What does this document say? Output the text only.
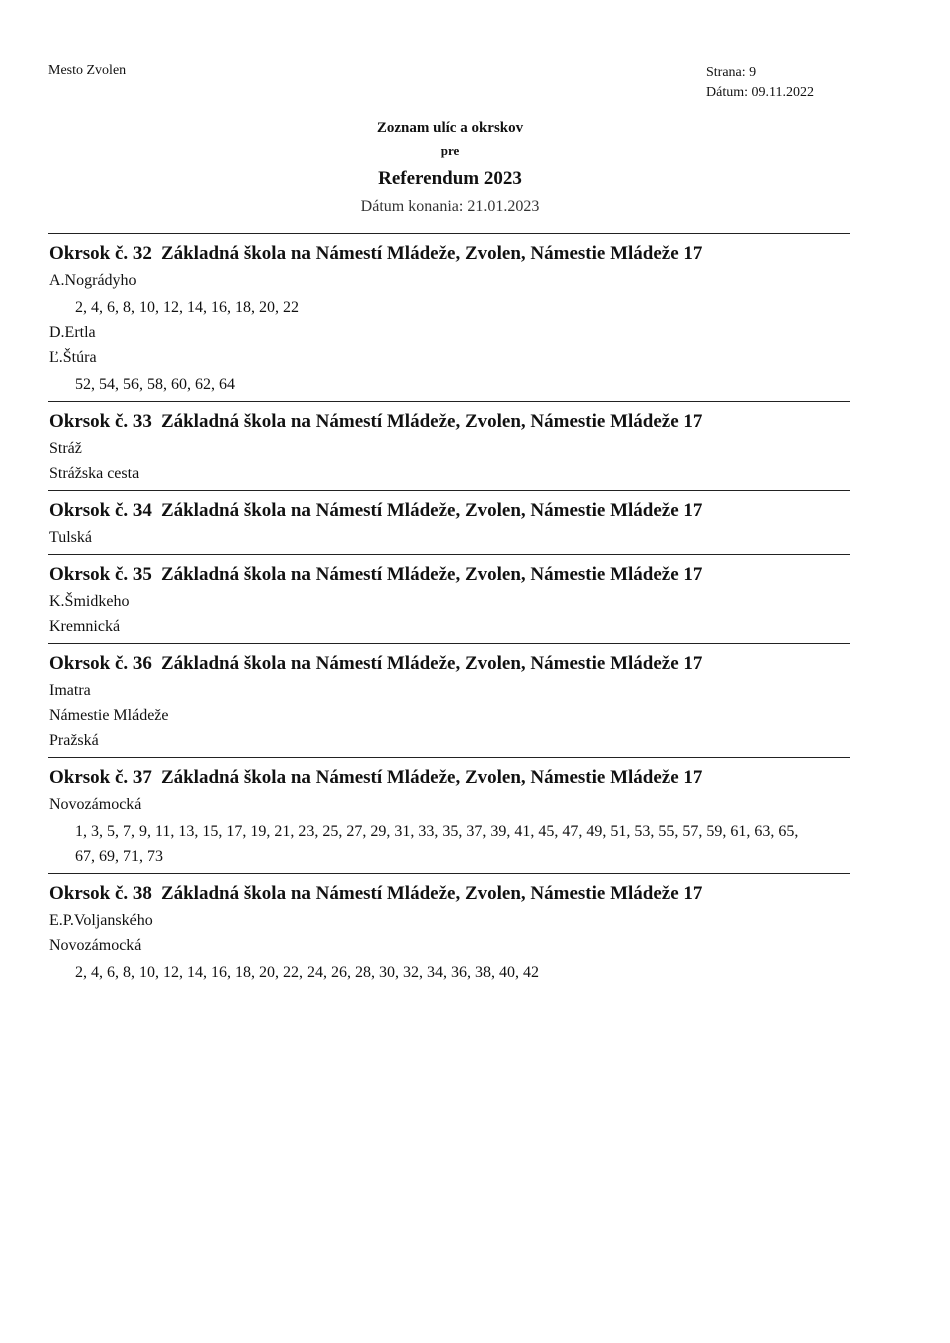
Mesto Zvolen	Strana: 9
Dátum: 09.11.2022
Zoznam ulíc a okrskov
pre
Referendum 2023
Dátum konania: 21.01.2023
Okrsok č. 32 Základná škola na Námestí Mládeže, Zvolen, Námestie Mládeže 17
A.Nográdyho
2, 4, 6, 8, 10, 12, 14, 16, 18, 20, 22
D.Ertla
Ľ.Štúra
52, 54, 56, 58, 60, 62, 64
Okrsok č. 33 Základná škola na Námestí Mládeže, Zvolen, Námestie Mládeže 17
Stráž
Strážska cesta
Okrsok č. 34 Základná škola na Námestí Mládeže, Zvolen, Námestie Mládeže 17
Tulská
Okrsok č. 35 Základná škola na Námestí Mládeže, Zvolen, Námestie Mládeže 17
K.Šmidkeho
Kremnická
Okrsok č. 36 Základná škola na Námestí Mládeže, Zvolen, Námestie Mládeže 17
Imatra
Námestie Mládeže
Pražská
Okrsok č. 37 Základná škola na Námestí Mládeže, Zvolen, Námestie Mládeže 17
Novozámocká
1, 3, 5, 7, 9, 11, 13, 15, 17, 19, 21, 23, 25, 27, 29, 31, 33, 35, 37, 39, 41, 45, 47, 49, 51, 53, 55, 57, 59, 61, 63, 65, 67, 69, 71, 73
Okrsok č. 38 Základná škola na Námestí Mládeže, Zvolen, Námestie Mládeže 17
E.P.Voljanského
Novozámocká
2, 4, 6, 8, 10, 12, 14, 16, 18, 20, 22, 24, 26, 28, 30, 32, 34, 36, 38, 40, 42
